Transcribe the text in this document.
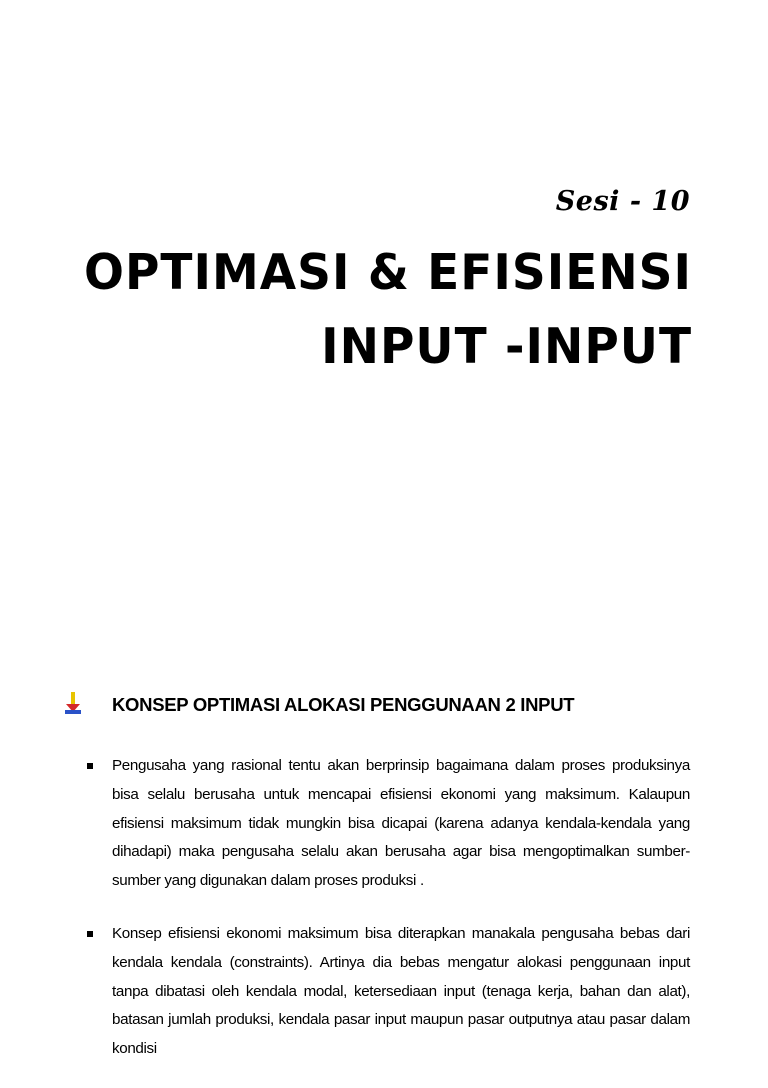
Sesi - 10
OPTIMASI & EFISIENSI
INPUT -INPUT
KONSEP OPTIMASI ALOKASI PENGGUNAAN 2 INPUT
Pengusaha yang rasional tentu akan berprinsip bagaimana dalam proses produksinya bisa selalu berusaha untuk mencapai efisiensi ekonomi yang maksimum. Kalaupun efisiensi maksimum tidak mungkin bisa dicapai (karena adanya kendala-kendala yang dihadapi) maka pengusaha selalu akan berusaha agar bisa mengoptimalkan sumber-sumber yang digunakan dalam proses produksi .
Konsep efisiensi ekonomi maksimum bisa diterapkan manakala pengusaha bebas dari kendala kendala (constraints). Artinya dia bebas mengatur alokasi penggunaan input tanpa dibatasi oleh kendala modal, ketersediaan input (tenaga kerja, bahan dan alat), batasan jumlah produksi, kendala pasar input maupun pasar outputnya atau pasar dalam kondisi
